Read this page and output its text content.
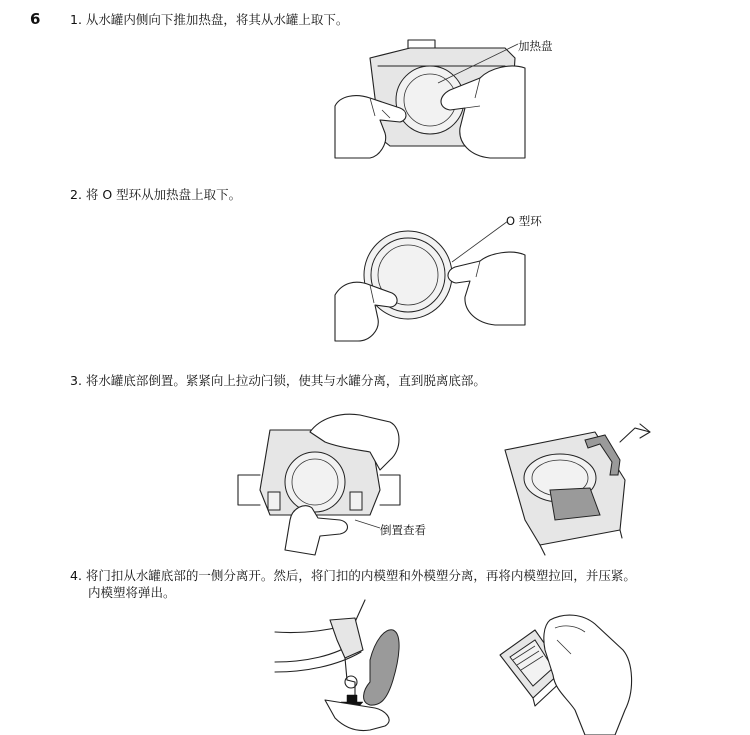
6 1. 从水罐内侧向下推加热盘，将其从水罐上取下。
加热盘
2. 将 O 型环从加热盘上取下。
O 型环
3. 将水罐底部倒置。紧紧向上拉动闩锁，使其与水罐分离，直到脱离底部。
倒置查看
4. 将门扣从水罐底部的一侧分离开。然后，将门扣的内模塑和外模塑分离，再将内模塑拉回，并压紧。
内模塑将弹出。
